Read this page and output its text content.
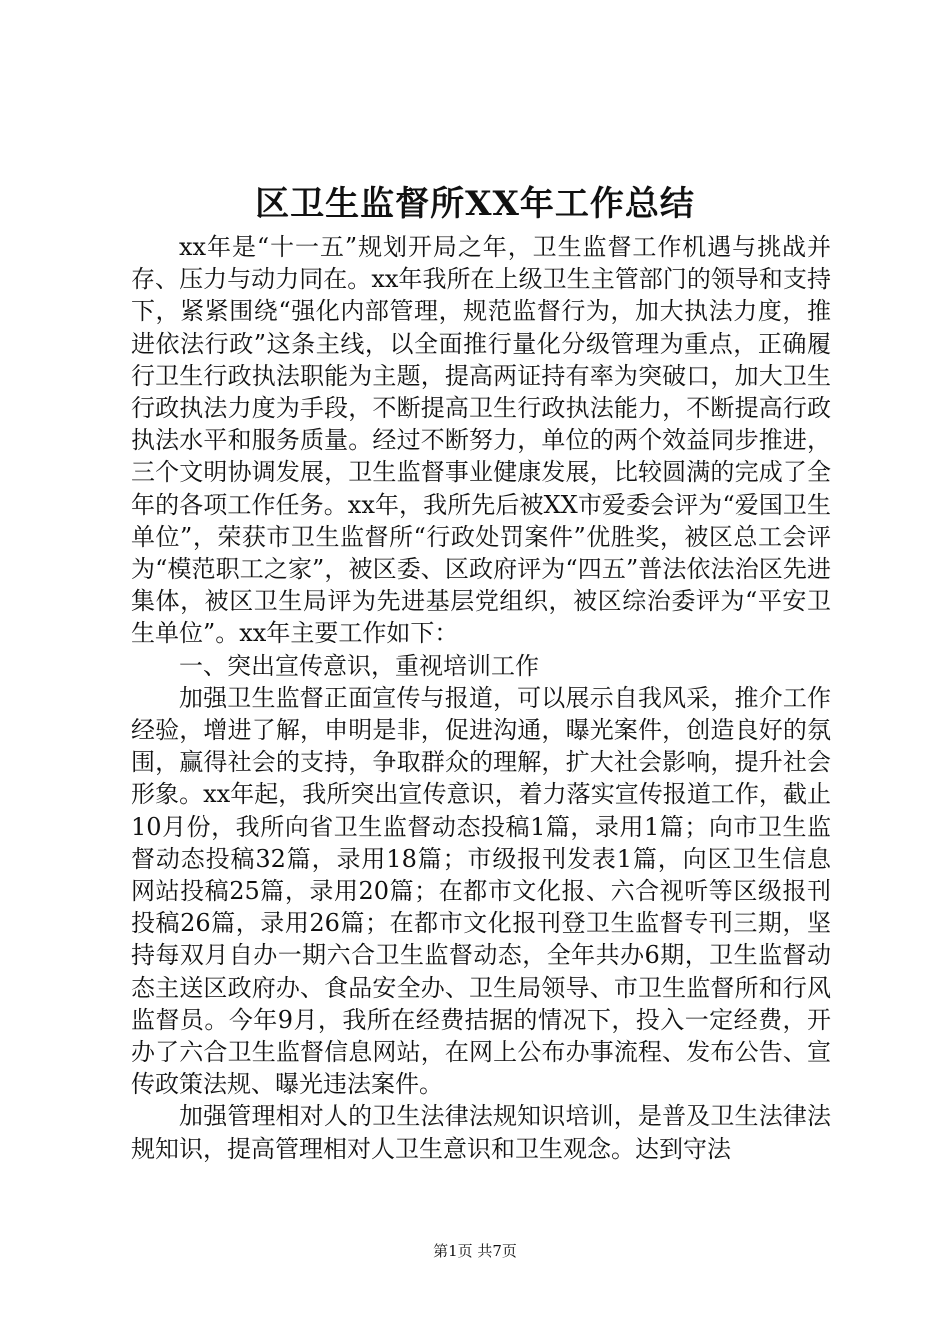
区卫生监督所XX年工作总结

xx年是“十一五”规划开局之年，卫生监督工作机遇与挑战并存、压力与动力同在。xx年我所在上级卫生主管部门的领导和支持下，紧紧围绕“强化内部管理，规范监督行为，加大执法力度，推进依法行政”这条主线，以全面推行量化分级管理为重点，正确履行卫生行政执法职能为主题，提高两证持有率为突破口，加大卫生行政执法力度为手段，不断提高卫生行政执法能力，不断提高行政执法水平和服务质量。经过不断努力，单位的两个效益同步推进，三个文明协调发展，卫生监督事业健康发展，比较圆满的完成了全年的各项工作任务。xx年，我所先后被XX市爱委会评为“爱国卫生单位”，荣获市卫生监督所“行政处罚案件”优胜奖，被区总工会评为“模范职工之家”，被区委、区政府评为“四五”普法依法治区先进集体，被区卫生局评为先进基层党组织，被区综治委评为“平安卫生单位”。xx年主要工作如下：

一、突出宣传意识，重视培训工作

加强卫生监督正面宣传与报道，可以展示自我风采，推介工作经验，增进了解，申明是非，促进沟通，曝光案件，创造良好的氛围，赢得社会的支持，争取群众的理解，扩大社会影响，提升社会形象。xx年起，我所突出宣传意识，着力落实宣传报道工作，截止10月份，我所向省卫生监督动态投稿1篇，录用1篇；向市卫生监督动态投稿32篇，录用18篇；市级报刊发表1篇，向区卫生信息网站投稿25篇，录用20篇；在都市文化报、六合视听等区级报刊投稿26篇，录用26篇；在都市文化报刊登卫生监督专刊三期，坚持每双月自办一期六合卫生监督动态，全年共办6期，卫生监督动态主送区政府办、食品安全办、卫生局领导、市卫生监督所和行风监督员。今年9月，我所在经费拮据的情况下，投入一定经费，开办了六合卫生监督信息网站，在网上公布办事流程、发布公告、宣传政策法规、曝光违法案件。

加强管理相对人的卫生法律法规知识培训，是普及卫生法律法规知识，提高管理相对人卫生意识和卫生观念。达到守法

第1页 共7页
